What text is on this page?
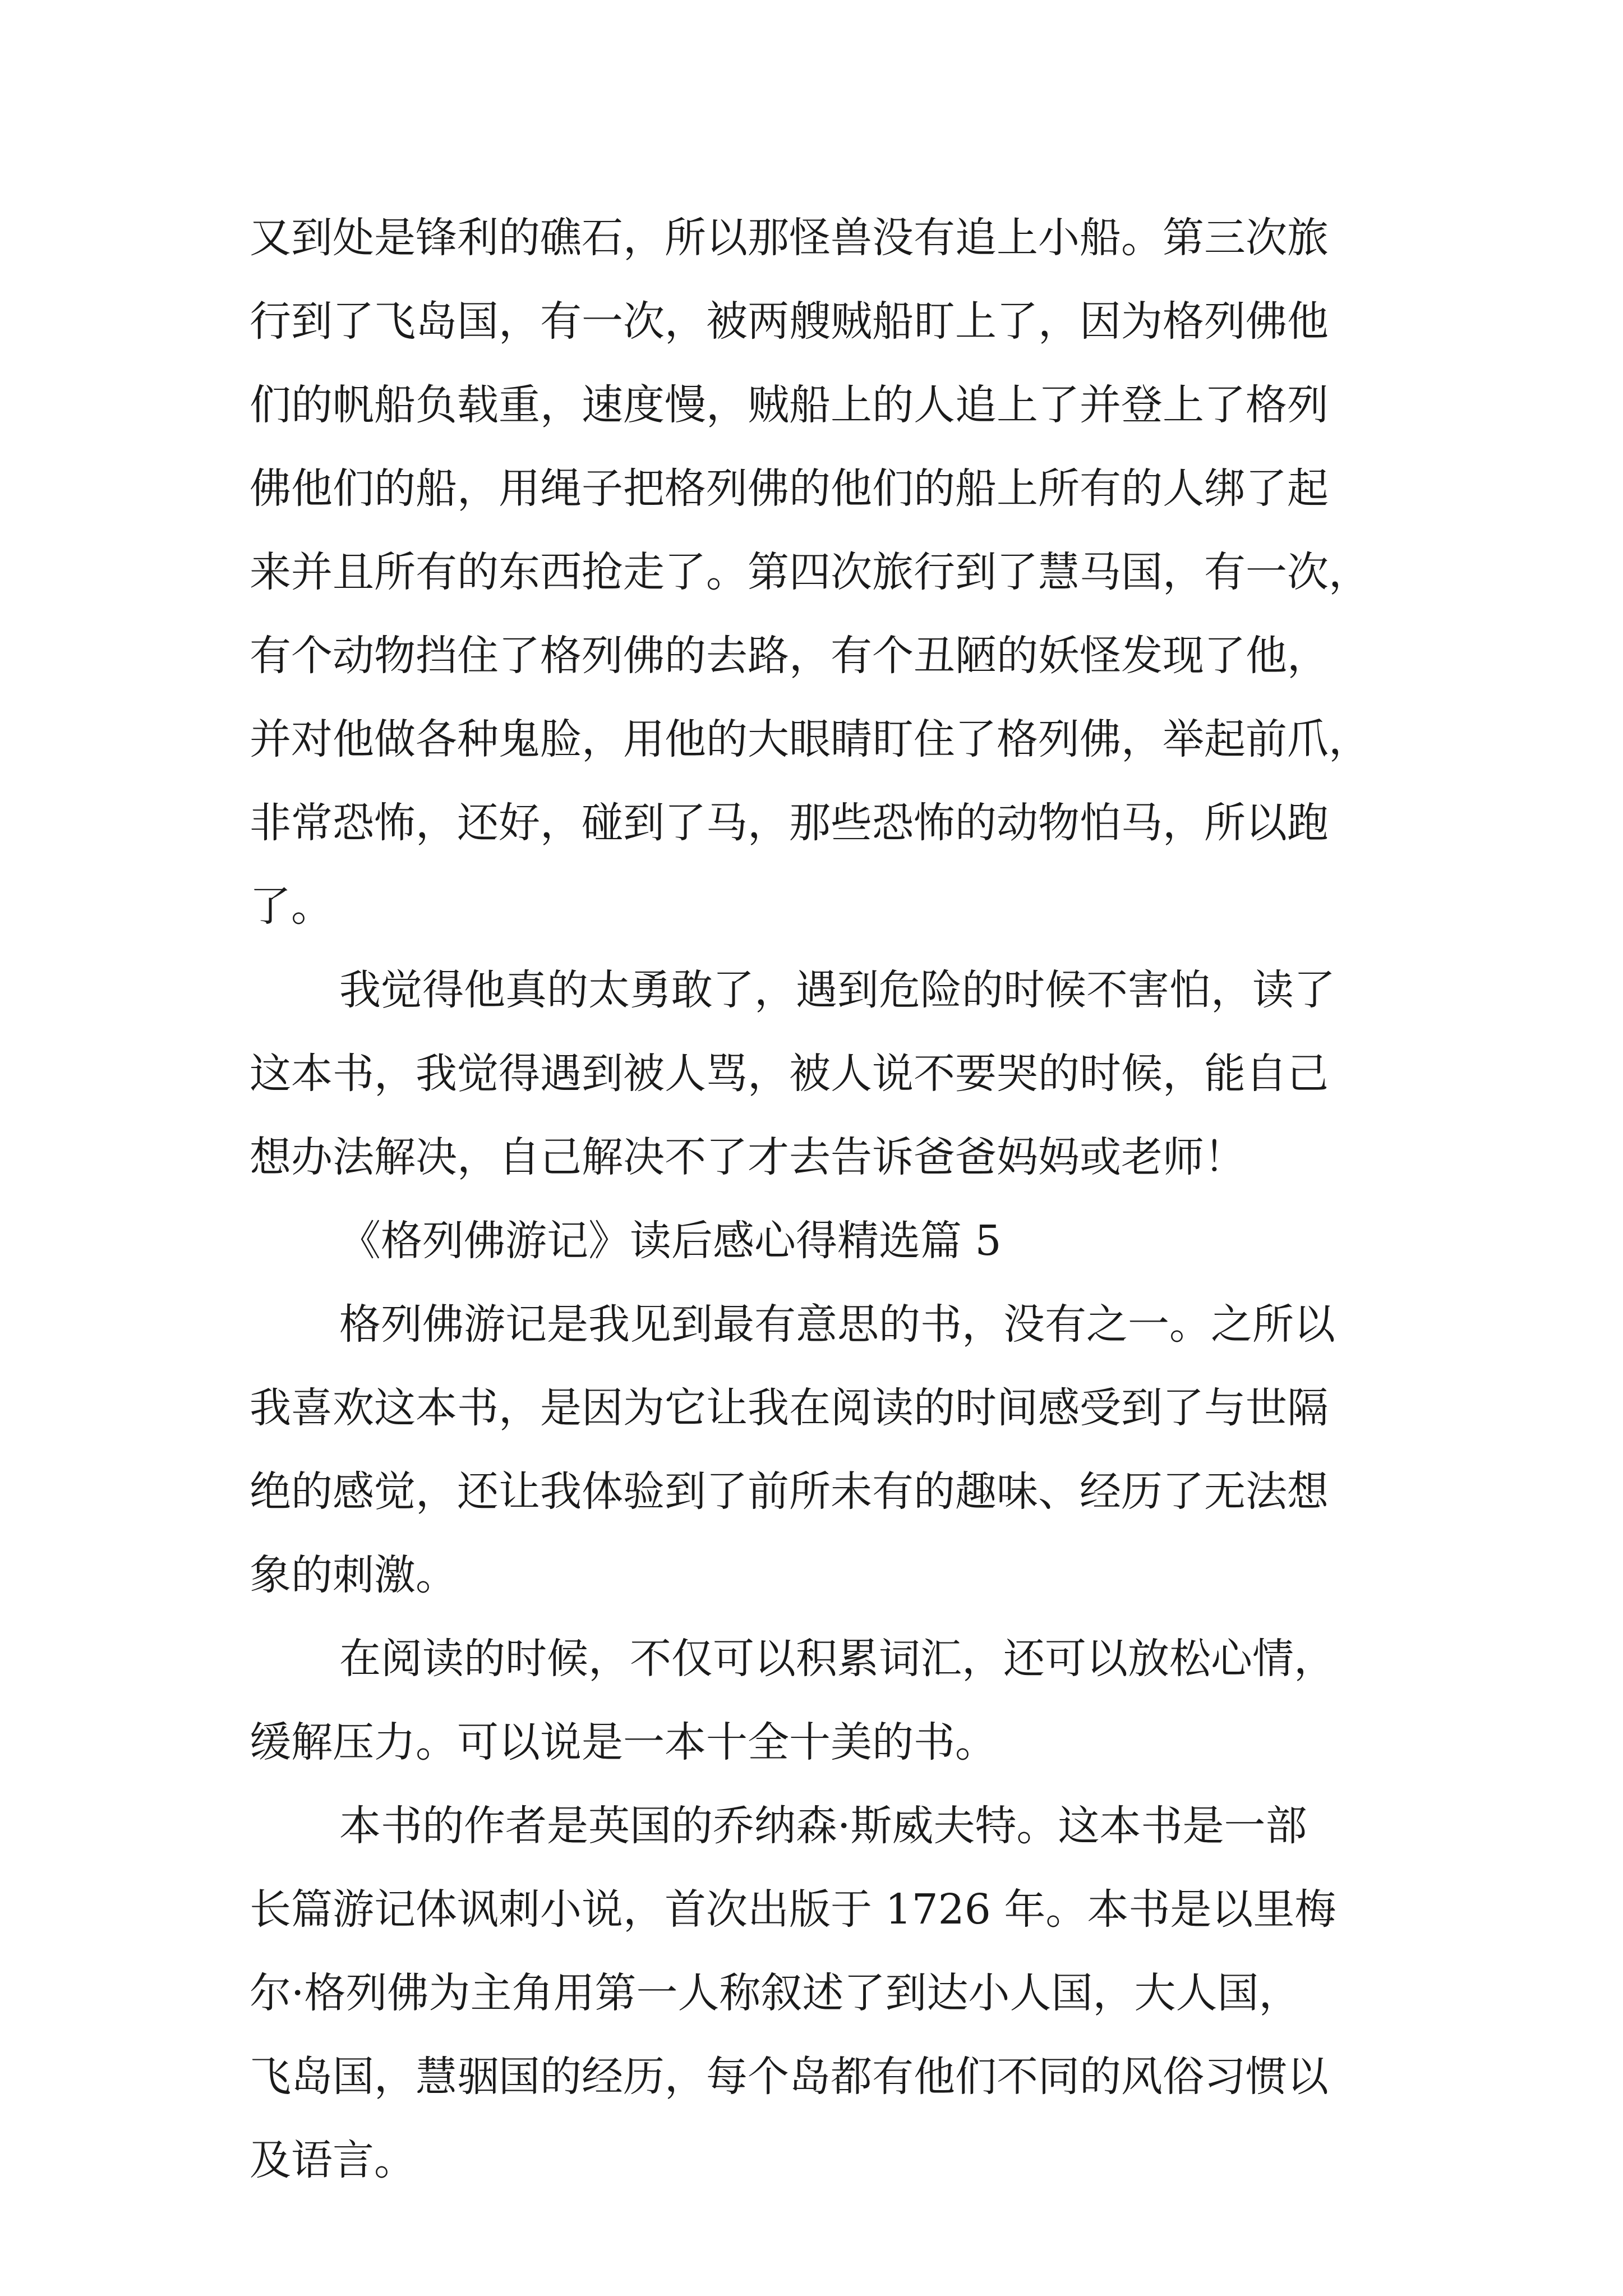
又到处是锋利的礁石，所以那怪兽没有追上小船。第三次旅
行到了飞岛国，有一次，被两艘贼船盯上了，因为格列佛他
们的帆船负载重，速度慢，贼船上的人追上了并登上了格列
佛他们的船，用绳子把格列佛的他们的船上所有的人绑了起
来并且所有的东西抢走了。第四次旅行到了慧马国，有一次，
有个动物挡住了格列佛的去路，有个丑陋的妖怪发现了他，
并对他做各种鬼脸，用他的大眼睛盯住了格列佛，举起前爪，
非常恐怖，还好，碰到了马，那些恐怖的动物怕马，所以跑
了。
我觉得他真的太勇敢了，遇到危险的时候不害怕，读了
这本书，我觉得遇到被人骂，被人说不要哭的时候，能自己
想办法解决，自己解决不了才去告诉爸爸妈妈或老师！
《格列佛游记》读后感心得精选篇 5
格列佛游记是我见到最有意思的书，没有之一。之所以
我喜欢这本书，是因为它让我在阅读的时间感受到了与世隔
绝的感觉，还让我体验到了前所未有的趣味、经历了无法想
象的刺激。
在阅读的时候，不仅可以积累词汇，还可以放松心情，
缓解压力。可以说是一本十全十美的书。
本书的作者是英国的乔纳森·斯威夫特。这本书是一部
长篇游记体讽刺小说，首次出版于 1726 年。本书是以里梅
尔·格列佛为主角用第一人称叙述了到达小人国，大人国，
飞岛国，慧骃国的经历，每个岛都有他们不同的风俗习惯以
及语言。
